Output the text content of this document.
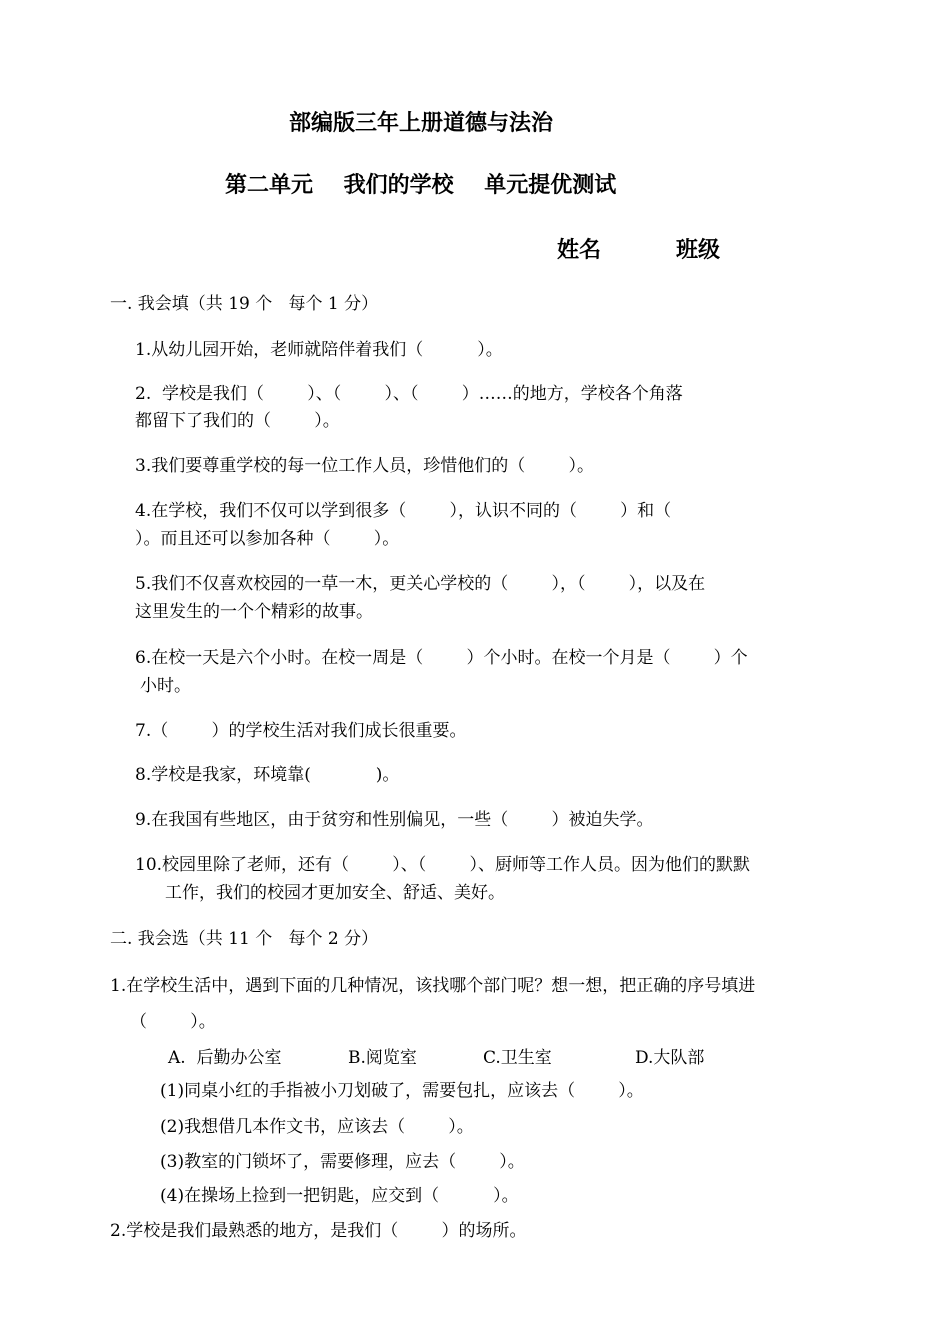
部编版三年上册道德与法治
第二单元    我们的学校    单元提优测试
姓名	班级
一. 我会填（共 19 个   每个 1 分）
1.从幼儿园开始，老师就陪伴着我们（          ）。
2.  学校是我们（        ）、（        ）、（        ）……的地方，学校各个角落
都留下了我们的（        ）。
3.我们要尊重学校的每一位工作人员，珍惜他们的（        ）。
4.在学校，我们不仅可以学到很多（        ），认识不同的（        ）和（
）。而且还可以参加各种（        ）。
5.我们不仅喜欢校园的一草一木，更关心学校的（        ），（        ），以及在
这里发生的一个个精彩的故事。
6.在校一天是六个小时。在校一周是（        ）个小时。在校一个月是（        ）个
小时。
7.（        ）的学校生活对我们成长很重要。
8.学校是我家，环境靠(            )。
9.在我国有些地区，由于贫穷和性别偏见，一些（        ）被迫失学。
10.校园里除了老师，还有（        ）、（        ）、厨师等工作人员。因为他们的默默
工作，我们的校园才更加安全、舒适、美好。
二. 我会选（共 11 个   每个 2 分）
1.在学校生活中，遇到下面的几种情况，该找哪个部门呢？想一想，把正确的序号填进
（        ）。
A.  后勤办公室	B.阅览室	C.卫生室	D.大队部
(1)同桌小红的手指被小刀划破了，需要包扎，应该去（        ）。
(2)我想借几本作文书，应该去（        ）。
(3)教室的门锁坏了，需要修理，应去（        ）。
(4)在操场上捡到一把钥匙，应交到（          ）。
2.学校是我们最熟悉的地方，是我们（        ）的场所。
